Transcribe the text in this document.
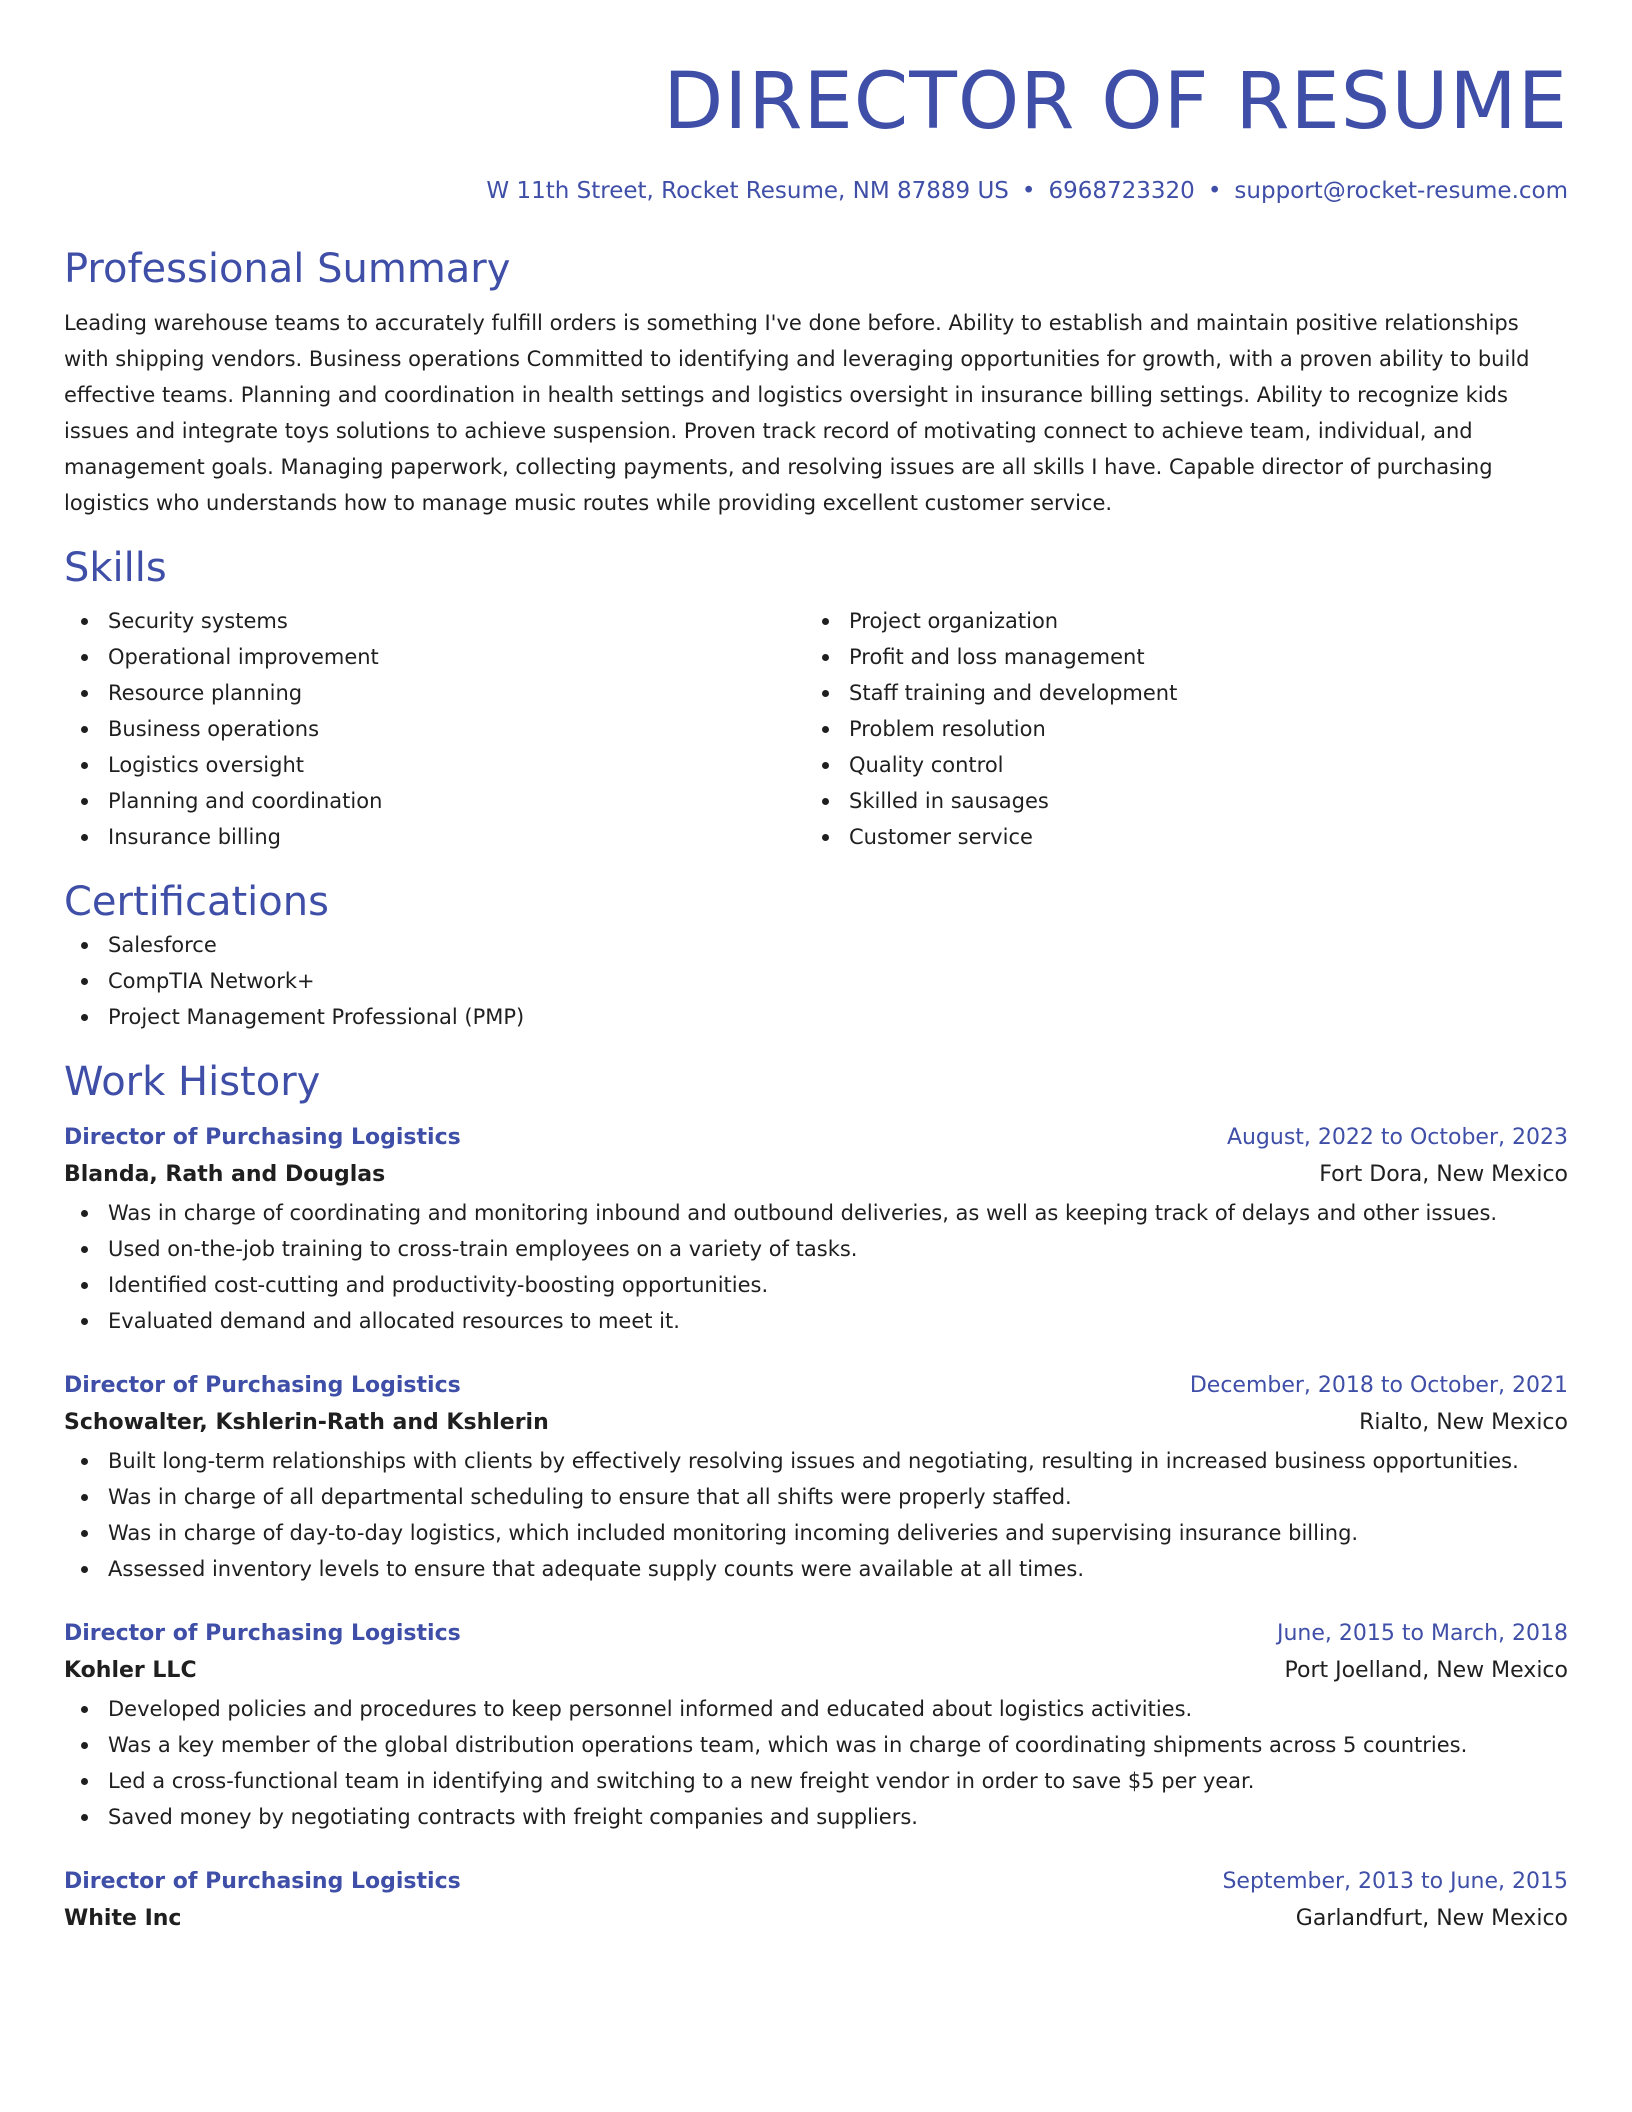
DIRECTOR OF RESUME
W 11th Street, Rocket Resume, NM 87889 US • 6968723320 • support@rocket-resume.com
Professional Summary

Leading warehouse teams to accurately fulfill orders is something I've done before. Ability to establish and maintain positive relationships with shipping vendors. Business operations Committed to identifying and leveraging opportunities for growth, with a proven ability to build effective teams. Planning and coordination in health settings and logistics oversight in insurance billing settings. Ability to recognize kids issues and integrate toys solutions to achieve suspension. Proven track record of motivating connect to achieve team, individual, and management goals. Managing paperwork, collecting payments, and resolving issues are all skills I have. Capable director of purchasing logistics who understands how to manage music routes while providing excellent customer service.

Skills
Security systems
Operational improvement
Resource planning
Business operations
Logistics oversight
Planning and coordination
Insurance billing
Project organization
Profit and loss management
Staff training and development
Problem resolution
Quality control
Skilled in sausages
Customer service
Certifications
Salesforce
CompTIA Network+
Project Management Professional (PMP)
Work History
Director of Purchasing Logistics	August, 2022 to October, 2023
Blanda, Rath and Douglas	Fort Dora, New Mexico
Was in charge of coordinating and monitoring inbound and outbound deliveries, as well as keeping track of delays and other issues.
Used on-the-job training to cross-train employees on a variety of tasks.
Identified cost-cutting and productivity-boosting opportunities.
Evaluated demand and allocated resources to meet it.
Director of Purchasing Logistics	December, 2018 to October, 2021
Schowalter, Kshlerin-Rath and Kshlerin	Rialto, New Mexico
Built long-term relationships with clients by effectively resolving issues and negotiating, resulting in increased business opportunities.
Was in charge of all departmental scheduling to ensure that all shifts were properly staffed.
Was in charge of day-to-day logistics, which included monitoring incoming deliveries and supervising insurance billing.
Assessed inventory levels to ensure that adequate supply counts were available at all times.
Director of Purchasing Logistics	June, 2015 to March, 2018
Kohler LLC	Port Joelland, New Mexico
Developed policies and procedures to keep personnel informed and educated about logistics activities.
Was a key member of the global distribution operations team, which was in charge of coordinating shipments across 5 countries.
Led a cross-functional team in identifying and switching to a new freight vendor in order to save $5 per year.
Saved money by negotiating contracts with freight companies and suppliers.
Director of Purchasing Logistics	September, 2013 to June, 2015
White Inc	Garlandfurt, New Mexico
